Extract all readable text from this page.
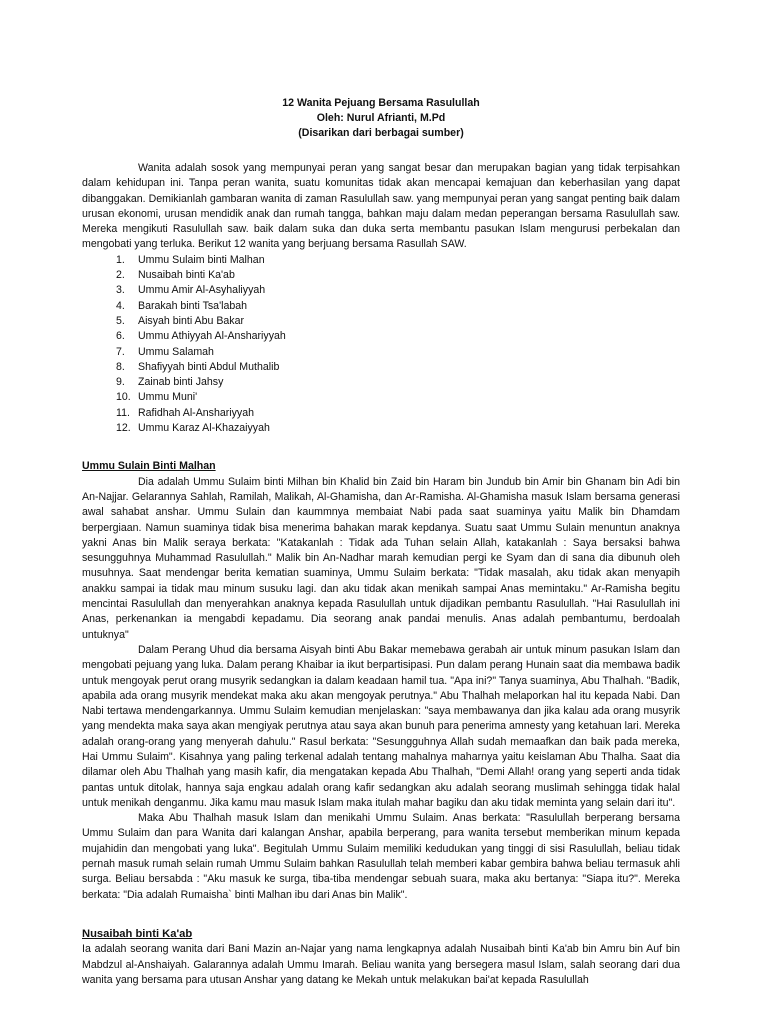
12 Wanita Pejuang Bersama Rasulullah
Oleh: Nurul Afrianti, M.Pd
(Disarikan dari berbagai sumber)

Wanita adalah sosok yang mempunyai peran yang sangat besar dan merupakan bagian yang tidak terpisahkan dalam kehidupan ini. Tanpa peran wanita, suatu komunitas tidak akan mencapai kemajuan dan keberhasilan yang dapat dibanggakan. Demikianlah gambaran wanita di zaman Rasulullah saw. yang mempunyai peran yang sangat penting baik dalam urusan ekonomi, urusan mendidik anak dan rumah tangga, bahkan maju dalam medan peperangan bersama Rasulullah saw. Mereka mengikuti Rasulullah saw. baik dalam suka dan duka serta membantu pasukan Islam mengurusi perbekalan dan mengobati yang terluka. Berikut 12 wanita yang berjuang bersama Rasullah SAW.

1.	Ummu Sulaim binti Malhan
2.	Nusaibah binti Ka'ab
3.	Ummu Amir Al-Asyhaliyyah
4.	Barakah binti Tsa'labah
5.	Aisyah binti Abu Bakar
6.	Ummu Athiyyah Al-Anshariyyah
7.	Ummu Salamah
8.	Shafiyyah binti Abdul Muthalib
9.	Zainab binti Jahsy
10. Ummu Muni'
11. Rafidhah Al-Anshariyyah
12. Ummu Karaz Al-Khazaiyyah
Ummu Sulain Binti Malhan

Dia adalah Ummu Sulaim binti Milhan bin Khalid bin Zaid bin Haram bin Jundub bin Amir bin Ghanam bin Adi bin An-Najjar. Gelarannya Sahlah, Ramilah, Malikah, Al-Ghamisha, dan Ar-Ramisha. Al-Ghamisha masuk Islam bersama generasi awal sahabat anshar. Ummu Sulain dan kaummnya membaiat Nabi pada saat suaminya yaitu Malik bin Dhamdam berpergiaan. Namun suaminya tidak bisa menerima bahakan marak kepdanya. Suatu saat Ummu Sulain menuntun anaknya yakni Anas bin Malik seraya berkata: "Katakanlah : Tidak ada Tuhan selain Allah, katakanlah : Saya bersaksi bahwa sesungguhnya Muhammad Rasulullah." Malik bin An-Nadhar marah kemudian pergi ke Syam dan di sana dia dibunuh oleh musuhnya. Saat mendengar berita kematian suaminya, Ummu Sulaim berkata: "Tidak masalah, aku tidak akan menyapih anakku sampai ia tidak mau minum susuku lagi. dan aku tidak akan menikah sampai Anas memintaku." Ar-Ramisha begitu mencintai Rasulullah dan menyerahkan anaknya kepada Rasulullah untuk dijadikan pembantu Rasulullah. "Hai Rasulullah ini Anas, perkenankan ia mengabdi kepadamu. Dia seorang anak pandai menulis. Anas adalah pembantumu, berdoalah untuknya"

Dalam Perang Uhud dia bersama Aisyah binti Abu Bakar memebawa gerabah air untuk minum pasukan Islam dan mengobati pejuang yang luka. Dalam perang Khaibar ia ikut berpartisipasi. Pun dalam perang Hunain saat dia membawa badik untuk mengoyak perut orang musyrik sedangkan ia dalam keadaan hamil tua. "Apa ini?" Tanya suaminya, Abu Thalhah. "Badik, apabila ada orang musyrik mendekat maka aku akan mengoyak perutnya." Abu Thalhah melaporkan hal itu kepada Nabi. Dan Nabi tertawa mendengarkannya. Ummu Sulaim kemudian menjelaskan: "saya membawanya dan jika kalau ada orang musyrik yang mendekta maka saya akan mengiyak perutnya atau saya akan bunuh para penerima amnesty yang ketahuan lari. Mereka adalah orang-orang yang menyerah dahulu." Rasul berkata: "Sesungguhnya Allah sudah memaafkan dan baik pada mereka, Hai Ummu Sulaim". Kisahnya yang paling terkenal adalah tentang mahalnya maharnya yaitu keislaman Abu Thalha. Saat dia dilamar oleh Abu Thalhah yang masih kafir, dia mengatakan kepada Abu Thalhah, "Demi Allah! orang yang seperti anda tidak pantas untuk ditolak, hannya saja engkau adalah orang kafir sedangkan aku adalah seorang muslimah sehingga tidak halal untuk menikah denganmu. Jika kamu mau masuk Islam maka itulah mahar bagiku dan aku tidak meminta yang selain dari itu".

Maka Abu Thalhah masuk Islam dan menikahi Ummu Sulaim. Anas berkata: "Rasulullah berperang bersama Ummu Sulaim dan para Wanita dari kalangan Anshar, apabila berperang, para wanita tersebut memberikan minum kepada mujahidin dan mengobati yang luka". Begitulah Ummu Sulaim memiliki kedudukan yang tinggi di sisi Rasulullah, beliau tidak pernah masuk rumah selain rumah Ummu Sulaim bahkan Rasulullah telah memberi kabar gembira bahwa beliau termasuk ahli surga. Beliau bersabda : "Aku masuk ke surga, tiba-tiba mendengar sebuah suara, maka aku bertanya: "Siapa itu?". Mereka berkata: "Dia adalah Rumaisha` binti Malhan ibu dari Anas bin Malik".

Nusaibah binti Ka'ab

Ia adalah seorang wanita dari Bani Mazin an-Najar yang nama lengkapnya adalah Nusaibah binti Ka'ab bin Amru bin Auf bin Mabdzul al-Anshaiyah. Galarannya adalah Ummu Imarah. Beliau wanita yang bersegera masul Islam, salah seorang dari dua wanita yang bersama para utusan Anshar yang datang ke Mekah untuk melakukan bai'at kepada Rasulullah
